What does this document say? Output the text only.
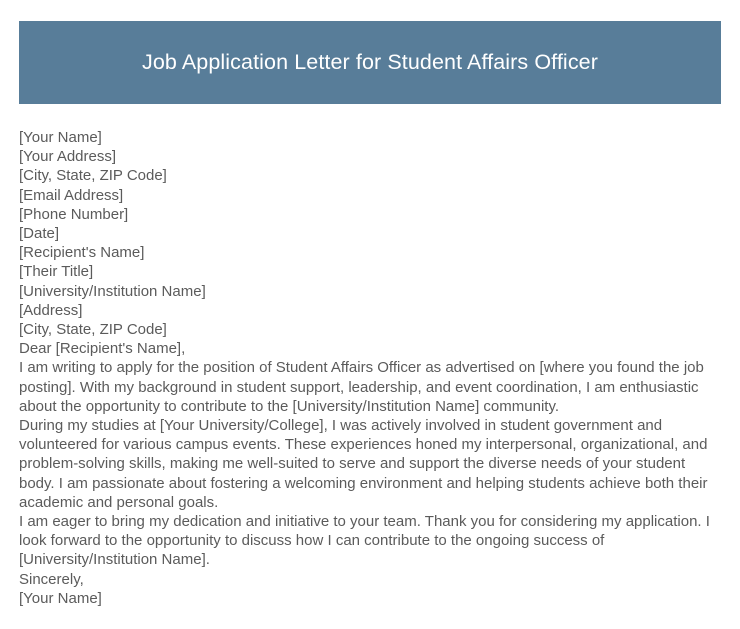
Job Application Letter for Student Affairs Officer
[Your Name]
[Your Address]
[City, State, ZIP Code]
[Email Address]
[Phone Number]
[Date]
[Recipient's Name]
[Their Title]
[University/Institution Name]
[Address]
[City, State, ZIP Code]
Dear [Recipient's Name],
I am writing to apply for the position of Student Affairs Officer as advertised on [where you found the job posting]. With my background in student support, leadership, and event coordination, I am enthusiastic about the opportunity to contribute to the [University/Institution Name] community.
During my studies at [Your University/College], I was actively involved in student government and volunteered for various campus events. These experiences honed my interpersonal, organizational, and problem-solving skills, making me well-suited to serve and support the diverse needs of your student body. I am passionate about fostering a welcoming environment and helping students achieve both their academic and personal goals.
I am eager to bring my dedication and initiative to your team. Thank you for considering my application. I look forward to the opportunity to discuss how I can contribute to the ongoing success of [University/Institution Name].
Sincerely,
[Your Name]
